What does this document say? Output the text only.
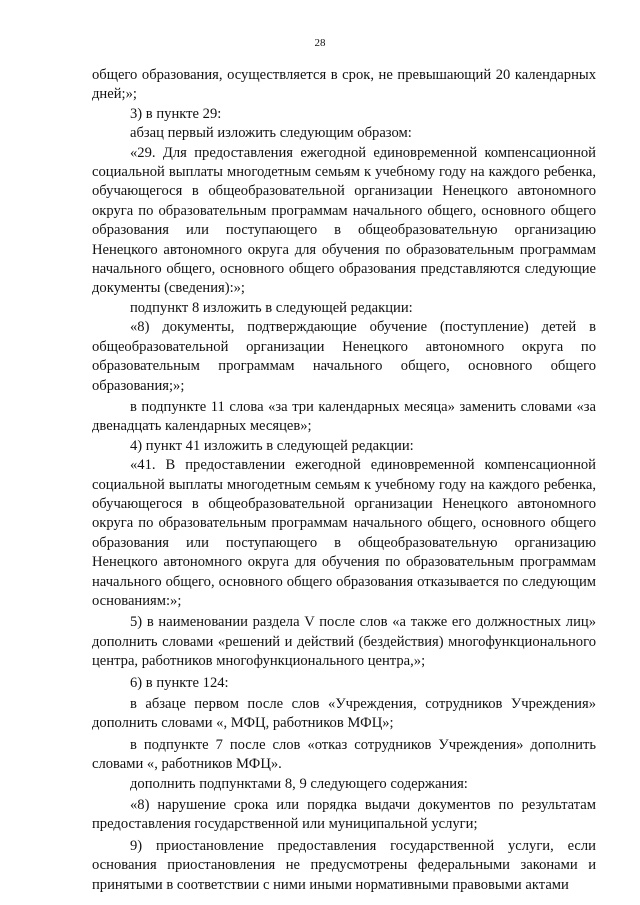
28

общего образования, осуществляется в срок, не превышающий 20 календарных дней;»;

3) в пункте 29:

абзац первый изложить следующим образом:

«29. Для предоставления ежегодной единовременной компенсационной социальной выплаты многодетным семьям к учебному году на каждого ребенка, обучающегося в общеобразовательной организации Ненецкого автономного округа по образовательным программам начального общего, основного общего образования или поступающего в общеобразовательную организацию Ненецкого автономного округа для обучения по образовательным программам начального общего, основного общего образования представляются следующие документы (сведения):»;

подпункт 8 изложить в следующей редакции:

«8) документы, подтверждающие обучение (поступление) детей в общеобразовательной организации Ненецкого автономного округа по образовательным программам начального общего, основного общего образования;»;

в подпункте 11 слова «за три календарных месяца» заменить словами «за двенадцать календарных месяцев»;

4) пункт 41 изложить в следующей редакции:

«41. В предоставлении ежегодной единовременной компенсационной социальной выплаты многодетным семьям к учебному году на каждого ребенка, обучающегося в общеобразовательной организации Ненецкого автономного округа по образовательным программам начального общего, основного общего образования или поступающего в общеобразовательную организацию Ненецкого автономного округа для обучения по образовательным программам начального общего, основного общего образования отказывается по следующим основаниям:»;

5) в наименовании раздела V после слов «а также его должностных лиц» дополнить словами «решений и действий (бездействия) многофункционального центра, работников многофункционального центра,»;

6) в пункте 124:

в абзаце первом после слов «Учреждения, сотрудников Учреждения» дополнить словами «, МФЦ, работников МФЦ»;

в подпункте 7 после слов «отказ сотрудников Учреждения» дополнить словами «, работников МФЦ».

дополнить подпунктами 8, 9 следующего содержания:

«8) нарушение срока или порядка выдачи документов по результатам предоставления государственной или муниципальной услуги;

9) приостановление предоставления государственной услуги, если основания приостановления не предусмотрены федеральными законами и принятыми в соответствии с ними иными нормативными правовыми актами
